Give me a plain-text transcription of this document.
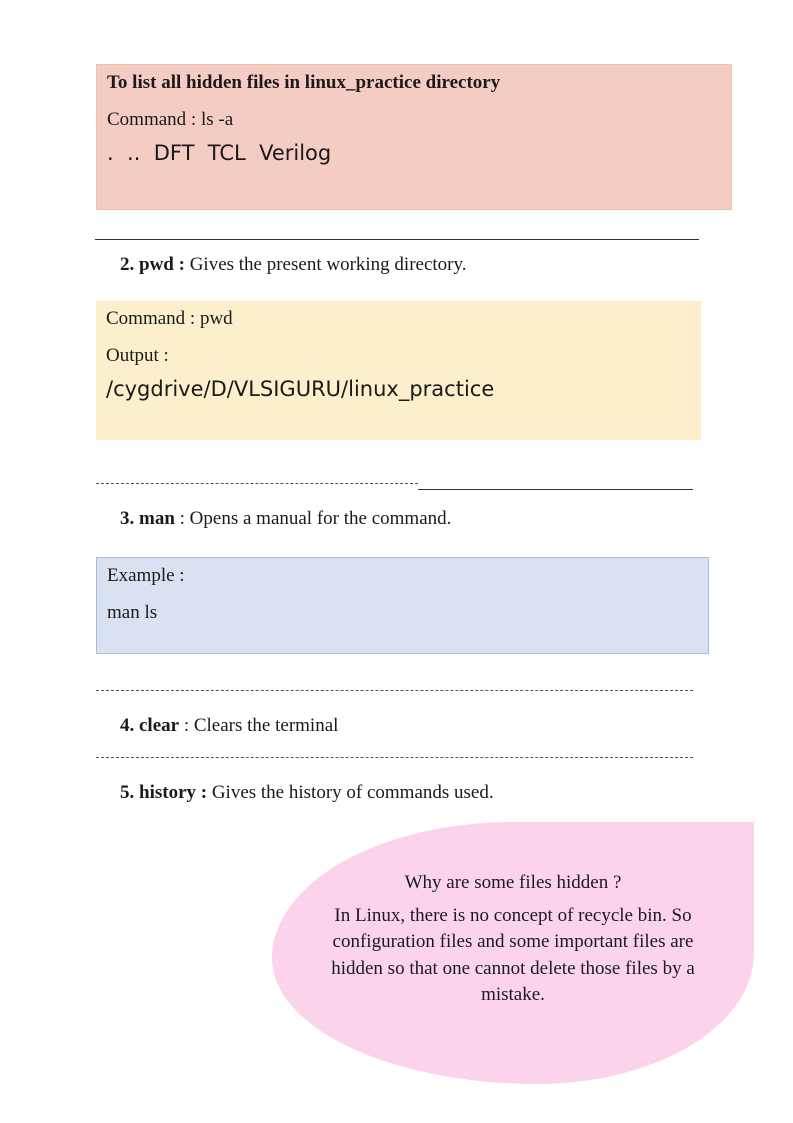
To list all hidden files in linux_practice directory
Command : ls -a
.  ..  DFT  TCL  Verilog
2. pwd : Gives the present working directory.
Command : pwd
Output :
/cygdrive/D/VLSIGURU/linux_practice
3. man : Opens a manual for the command.
Example :
man ls
4. clear : Clears the terminal
5. history : Gives the history of commands used.
Why are some files hidden ?
In Linux, there is no concept of recycle bin. So configuration files and some important files are hidden so that one cannot delete those files by a mistake.
